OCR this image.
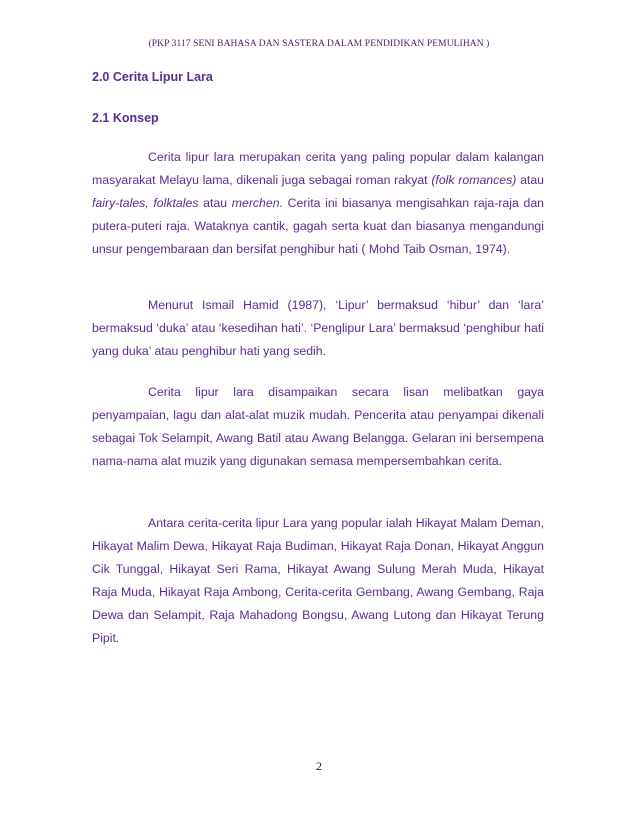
(PKP 3117 SENI BAHASA DAN SASTERA DALAM PENDIDIKAN PEMULIHAN )
2.0 Cerita Lipur Lara
2.1 Konsep

Cerita lipur lara merupakan cerita yang paling popular dalam kalangan masyarakat Melayu lama, dikenali juga sebagai roman rakyat (folk romances) atau fairy-tales, folktales atau merchen. Cerita ini biasanya mengisahkan raja-raja dan putera-puteri raja. Wataknya cantik, gagah serta kuat dan biasanya mengandungi unsur pengembaraan dan bersifat penghibur hati ( Mohd Taib Osman, 1974).

Menurut Ismail Hamid (1987), ‘Lipur’ bermaksud ‘hibur’ dan ‘lara’ bermaksud ‘duka’ atau ‘kesedihan hati’. ‘Penglipur Lara’ bermaksud ‘penghibur hati yang duka’ atau penghibur hati yang sedih.

Cerita lipur lara disampaikan secara lisan melibatkan gaya penyampaian, lagu dan alat-alat muzik mudah. Pencerita atau penyampai dikenali sebagai Tok Selampit, Awang Batil atau Awang Belangga. Gelaran ini bersempena nama-nama alat muzik yang digunakan semasa mempersembahkan cerita.

Antara cerita-cerita lipur Lara yang popular ialah Hikayat Malam Deman, Hikayat Malim Dewa, Hikayat Raja Budiman, Hikayat Raja Donan, Hikayat Anggun Cik Tunggal, Hikayat Seri Rama, Hikayat Awang Sulung Merah Muda, Hikayat Raja Muda, Hikayat Raja Ambong, Cerita-cerita Gembang, Awang Gembang, Raja Dewa dan Selampit, Raja Mahadong Bongsu, Awang Lutong dan Hikayat Terung Pipit.

2
